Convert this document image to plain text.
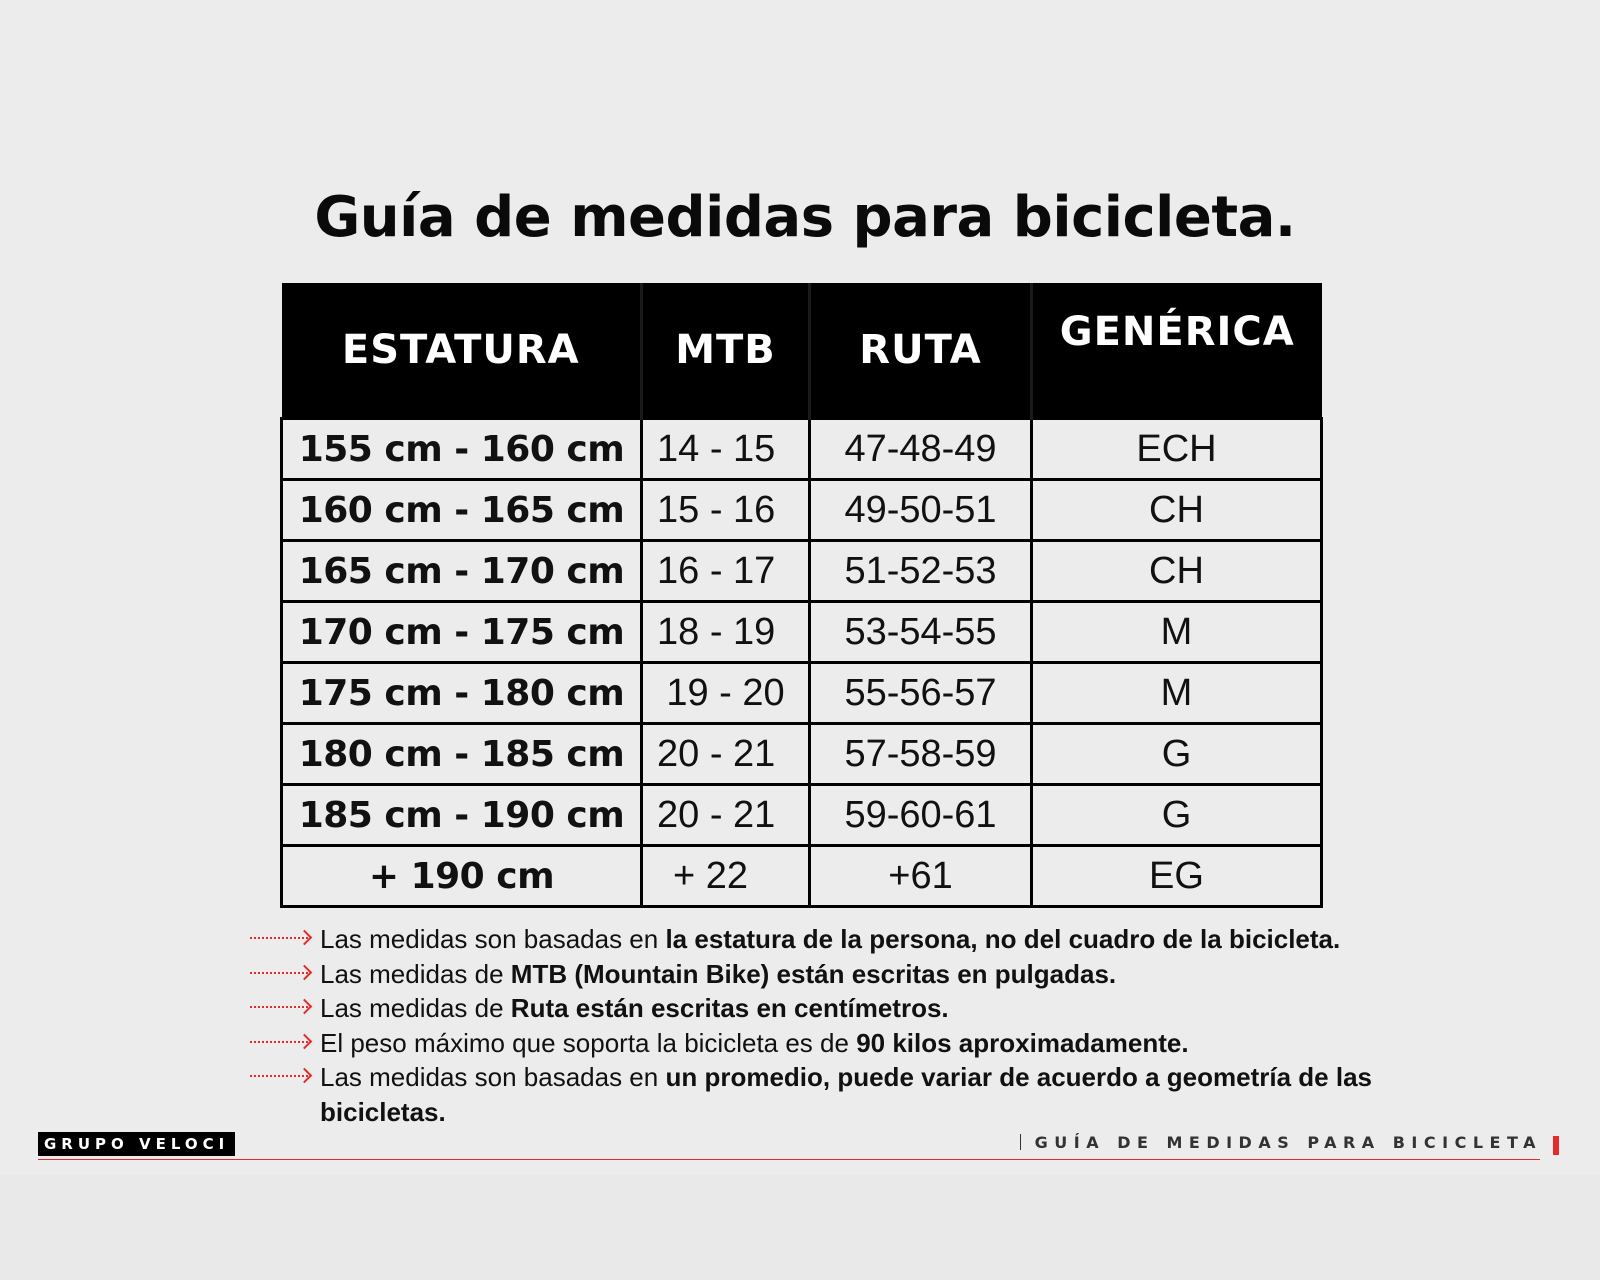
Guía de medidas para bicicleta.
ESTATURA	MTB	RUTA	GENÉRICA
155 cm - 160 cm	14 - 15	47-48-49	ECH
160 cm - 165 cm	15 - 16	49-50-51	CH
165 cm - 170 cm	16 - 17	51-52-53	CH
170 cm - 175 cm	18 - 19	53-54-55	M
175 cm - 180 cm	19 - 20	55-56-57	M
180 cm - 185 cm	20 - 21	57-58-59	G
185 cm - 190 cm	20 - 21	59-60-61	G
+ 190 cm	+ 22	+61	EG
Las medidas son basadas en la estatura de la persona, no del cuadro de la bicicleta.
Las medidas de MTB (Mountain Bike) están escritas en pulgadas.
Las medidas de Ruta están escritas en centímetros.
El peso máximo que soporta la bicicleta es de 90 kilos aproximadamente.
Las medidas son basadas en un promedio, puede variar de acuerdo a geometría de las bicicletas.
GRUPO VELOCI	GUÍA DE MEDIDAS PARA BICICLETA
